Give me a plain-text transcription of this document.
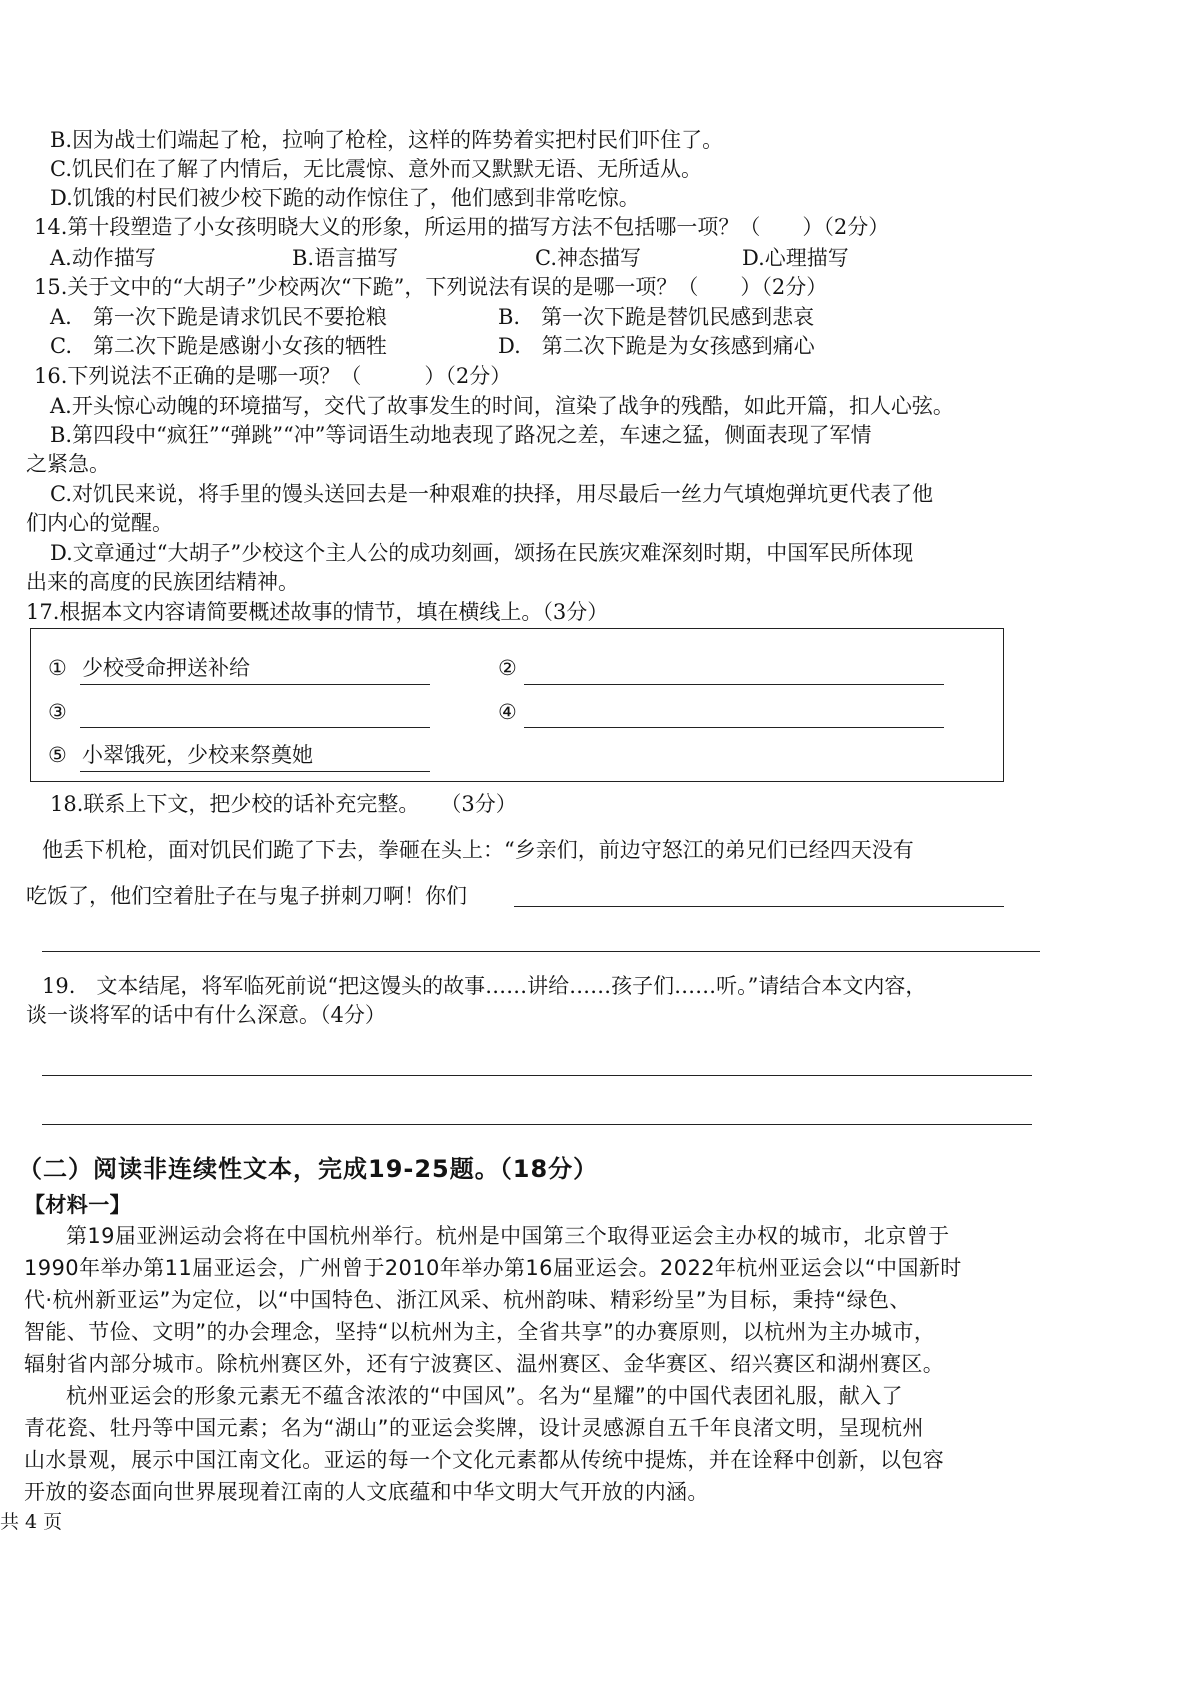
B.因为战士们端起了枪，拉响了枪栓，这样的阵势着实把村民们吓住了。
C.饥民们在了解了内情后，无比震惊、意外而又默默无语、无所适从。
D.饥饿的村民们被少校下跪的动作惊住了，他们感到非常吃惊。
14.第十段塑造了小女孩明晓大义的形象，所运用的描写方法不包括哪一项？（　　）（2分）
A.动作描写	B.语言描写	C.神态描写	D.心理描写
15.关于文中的“大胡子”少校两次“下跪”，下列说法有误的是哪一项？（　　）（2分）
A.　第一次下跪是请求饥民不要抢粮	B.　第一次下跪是替饥民感到悲哀
C.　第二次下跪是感谢小女孩的牺牲	D.　第二次下跪是为女孩感到痛心
16.下列说法不正确的是哪一项？（　　　）（2分）
A.开头惊心动魄的环境描写，交代了故事发生的时间，渲染了战争的残酷，如此开篇，扣人心弦。
B.第四段中“疯狂”“弹跳”“冲”等词语生动地表现了路况之差，车速之猛，侧面表现了军情
之紧急。
C.对饥民来说，将手里的馒头送回去是一种艰难的抉择，用尽最后一丝力气填炮弹坑更代表了他
们内心的觉醒。
D.文章通过“大胡子”少校这个主人公的成功刻画，颂扬在民族灾难深刻时期，中国军民所体现
出来的高度的民族团结精神。
17.根据本文内容请简要概述故事的情节，填在横线上。（3分）
① 少校受命押送补给	②
③	④
⑤ 小翠饿死，少校来祭奠她
18.联系上下文，把少校的话补充完整。　　（3分）
他丢下机枪，面对饥民们跪了下去，拳砸在头上：“乡亲们，前边守怒江的弟兄们已经四天没有
吃饭了，他们空着肚子在与鬼子拼刺刀啊！你们
19.　文本结尾，将军临死前说“把这馒头的故事……讲给……孩子们……听。”请结合本文内容，
谈一谈将军的话中有什么深意。（4分）
（二）阅读非连续性文本，完成19-25题。（18分）
【材料一】
第19届亚洲运动会将在中国杭州举行。杭州是中国第三个取得亚运会主办权的城市，北京曾于
1990年举办第11届亚运会，广州曾于2010年举办第16届亚运会。2022年杭州亚运会以“中国新时
代·杭州新亚运”为定位，以“中国特色、浙江风采、杭州韵味、精彩纷呈”为目标，秉持“绿色、
智能、节俭、文明”的办会理念，坚持“以杭州为主，全省共享”的办赛原则，以杭州为主办城市，
辐射省内部分城市。除杭州赛区外，还有宁波赛区、温州赛区、金华赛区、绍兴赛区和湖州赛区。
杭州亚运会的形象元素无不蕴含浓浓的“中国风”。名为“星耀”的中国代表团礼服，献入了
青花瓷、牡丹等中国元素；名为“湖山”的亚运会奖牌，设计灵感源自五千年良渚文明，呈现杭州
山水景观，展示中国江南文化。亚运的每一个文化元素都从传统中提炼，并在诠释中创新，以包容
开放的姿态面向世界展现着江南的人文底蕴和中华文明大气开放的内涵。
共 4 页
